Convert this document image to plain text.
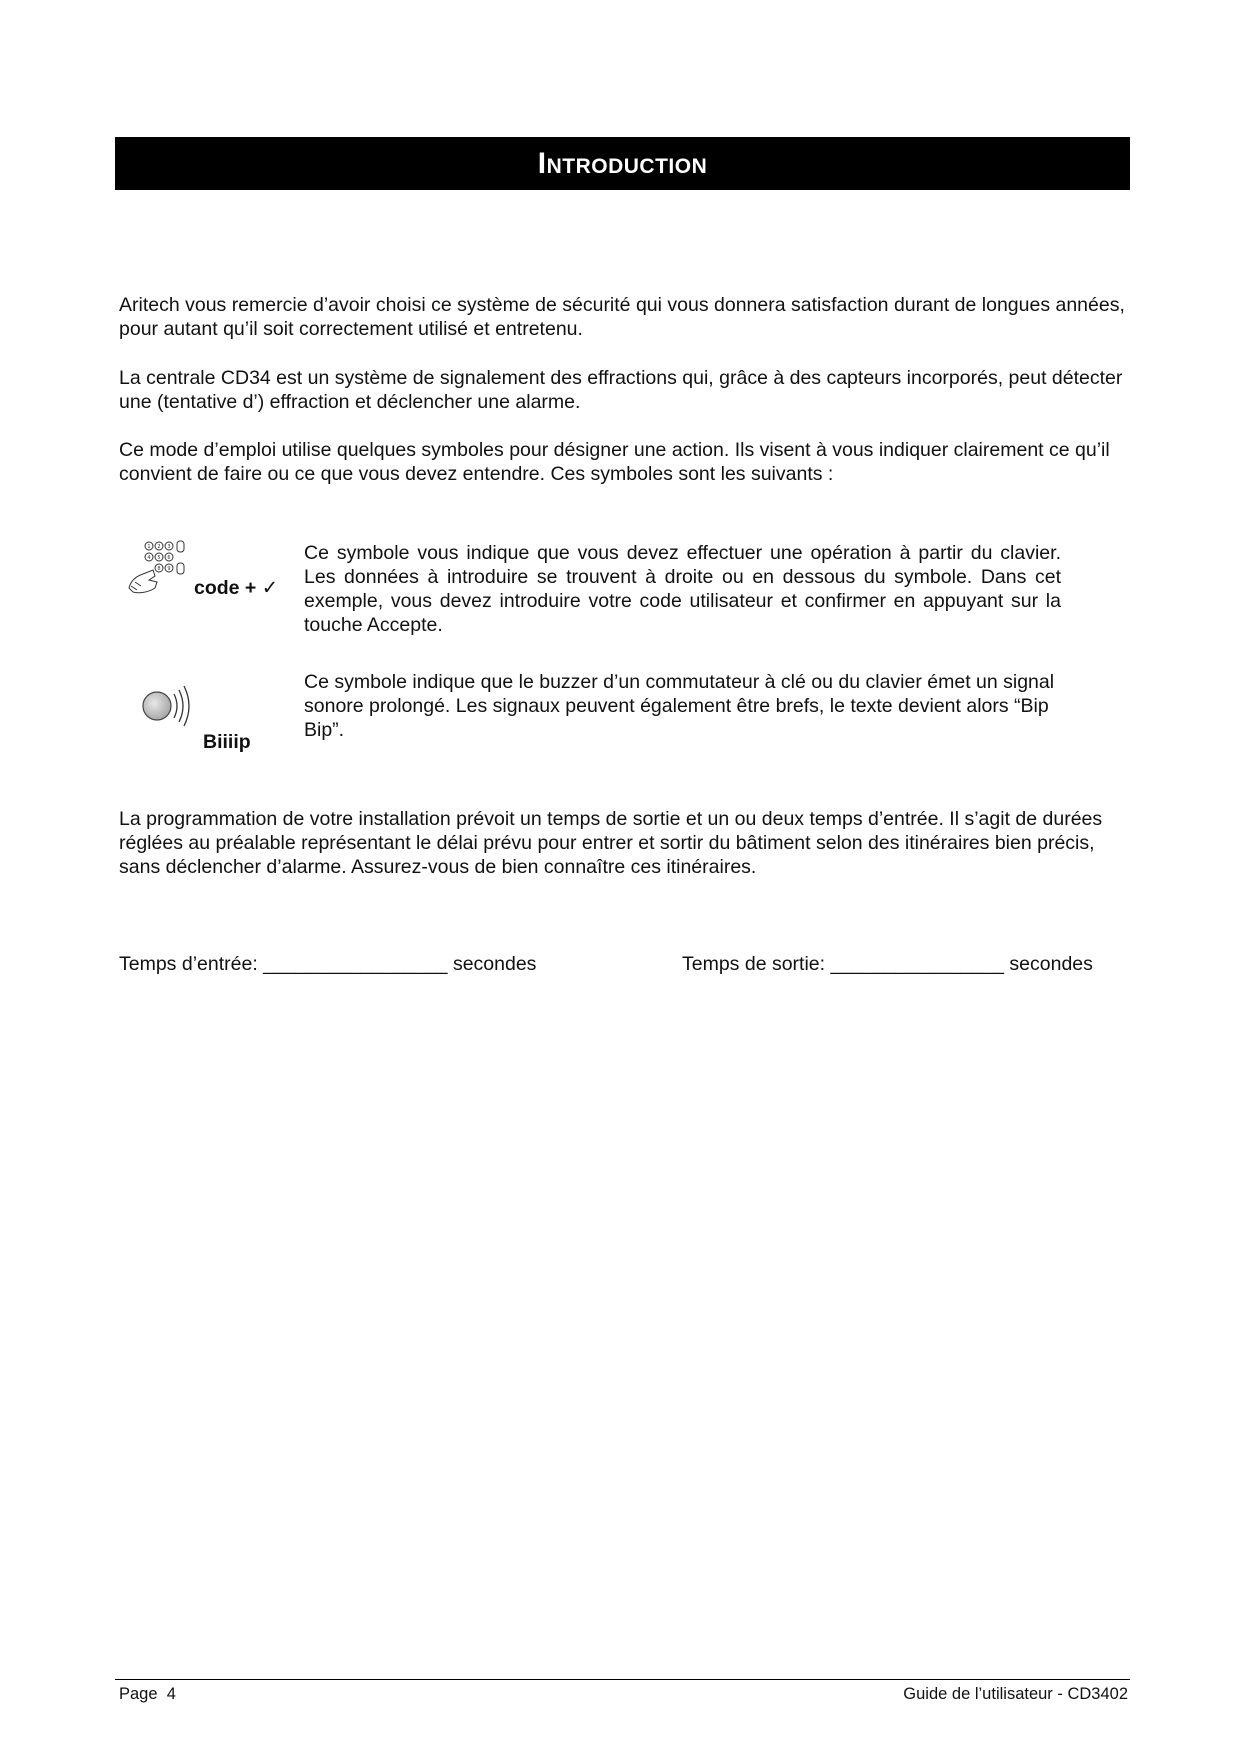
Introduction

Aritech vous remercie d’avoir choisi ce système de sécurité qui vous donnera satisfaction durant de longues années, pour autant qu’il soit correctement utilisé et entretenu.

La centrale CD34 est un système de signalement des effractions qui, grâce à des capteurs incorporés, peut détecter une (tentative d’) effraction et déclencher une alarme.

Ce mode d’emploi utilise quelques symboles pour désigner une action. Ils visent à vous indiquer clairement ce qu’il convient de faire ou ce que vous devez entendre. Ces symboles sont les suivants :

1 2 3
4 5 6
8 9
code + ✓

Ce symbole vous indique que vous devez effectuer une opération à partir du clavier. Les données à introduire se trouvent à droite ou en dessous du symbole. Dans cet exemple, vous devez introduire votre code utilisateur et confirmer en appuyant sur la touche Accepte.

Biiiip

Ce symbole indique que le buzzer d’un commutateur à clé ou du clavier émet un signal sonore prolongé. Les signaux peuvent également être brefs, le texte devient alors “Bip Bip”.

La programmation de votre installation prévoit un temps de sortie et un ou deux temps d’entrée. Il s’agit de durées réglées au préalable représentant le délai prévu pour entrer et sortir du bâtiment selon des itinéraires bien précis, sans déclencher d’alarme. Assurez-vous de bien connaître ces itinéraires.

Temps d’entrée: _________________ secondes	Temps de sortie: ________________ secondes
Page  4	Guide de l’utilisateur - CD3402
